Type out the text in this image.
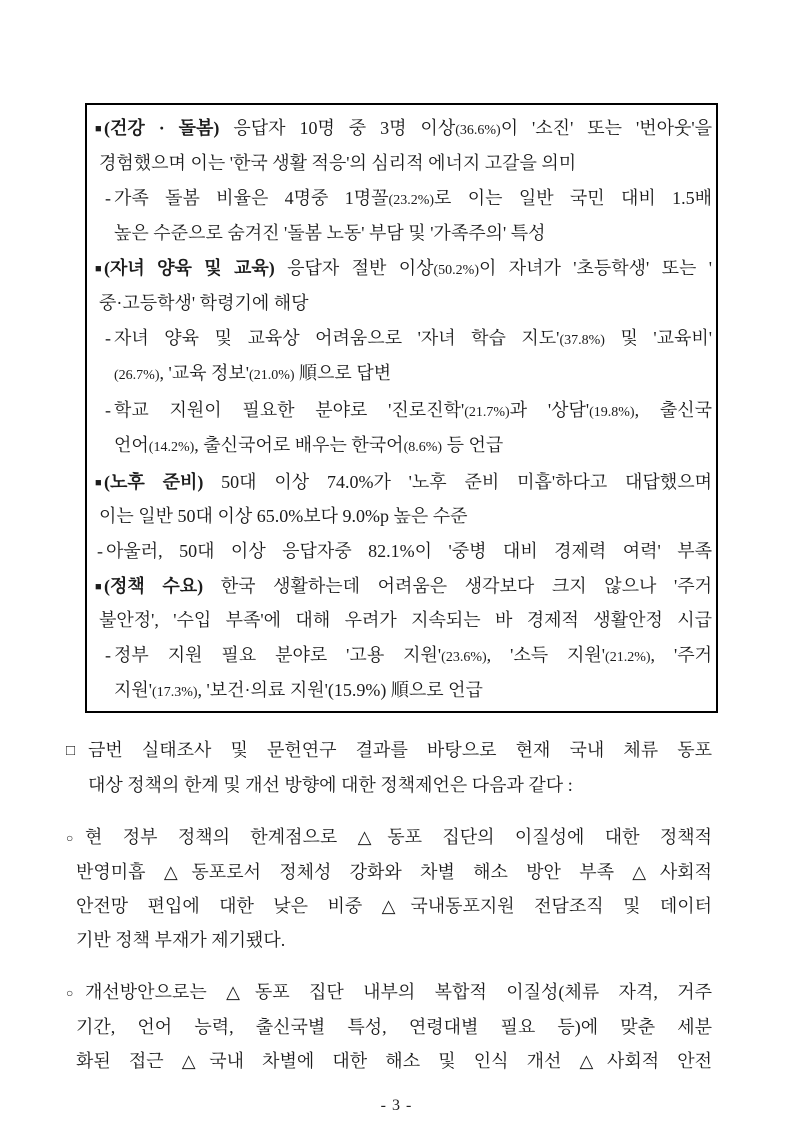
■ (건강 · 돌봄) 응답자 10명 중 3명 이상(36.6%)이 '소진' 또는 '번아웃'을
경험했으며 이는 '한국 생활 적응'의 심리적 에너지 고갈을 의미
- 가족 돌봄 비율은 4명중 1명꼴(23.2%)로 이는 일반 국민 대비 1.5배
높은 수준으로 숨겨진 '돌봄 노동' 부담 및 '가족주의' 특성
■ (자녀 양육 및 교육) 응답자 절반 이상(50.2%)이 자녀가 '초등학생' 또는 '
중·고등학생' 학령기에 해당
- 자녀 양육 및 교육상 어려움으로 '자녀 학습 지도'(37.8%) 및 '교육비'
(26.7%), '교육 정보'(21.0%) 順으로 답변
- 학교 지원이 필요한 분야로 '진로진학'(21.7%)과 '상담'(19.8%), 출신국
언어(14.2%), 출신국어로 배우는 한국어(8.6%) 등 언급
■ (노후 준비) 50대 이상 74.0%가 '노후 준비 미흡'하다고 대답했으며
이는 일반 50대 이상 65.0%보다 9.0%p 높은 수준
- 아울러, 50대 이상 응답자중 82.1%이 '중병 대비 경제력 여력' 부족
■ (정책 수요) 한국 생활하는데 어려움은 생각보다 크지 않으나 '주거
불안정', '수입 부족'에 대해 우려가 지속되는 바 경제적 생활안정 시급
- 정부 지원 필요 분야로 '고용 지원'(23.6%), '소득 지원'(21.2%), '주거
지원'(17.3%), '보건·의료 지원'(15.9%) 順으로 언급
□ 금번 실태조사 및 문헌연구 결과를 바탕으로 현재 국내 체류 동포
대상 정책의 한계 및 개선 방향에 대한 정책제언은 다음과 같다 :
○ 현 정부 정책의 한계점으로 △동포 집단의 이질성에 대한 정책적
반영미흡 △동포로서 정체성 강화와 차별 해소 방안 부족 △사회적
안전망 편입에 대한 낮은 비중 △국내동포지원 전담조직 및 데이터
기반 정책 부재가 제기됐다.
○ 개선방안으로는 △동포 집단 내부의 복합적 이질성(체류 자격, 거주
기간, 언어 능력, 출신국별 특성, 연령대별 필요 등)에 맞춘 세분
화된 접근 △국내 차별에 대한 해소 및 인식 개선 △사회적 안전
- 3 -
